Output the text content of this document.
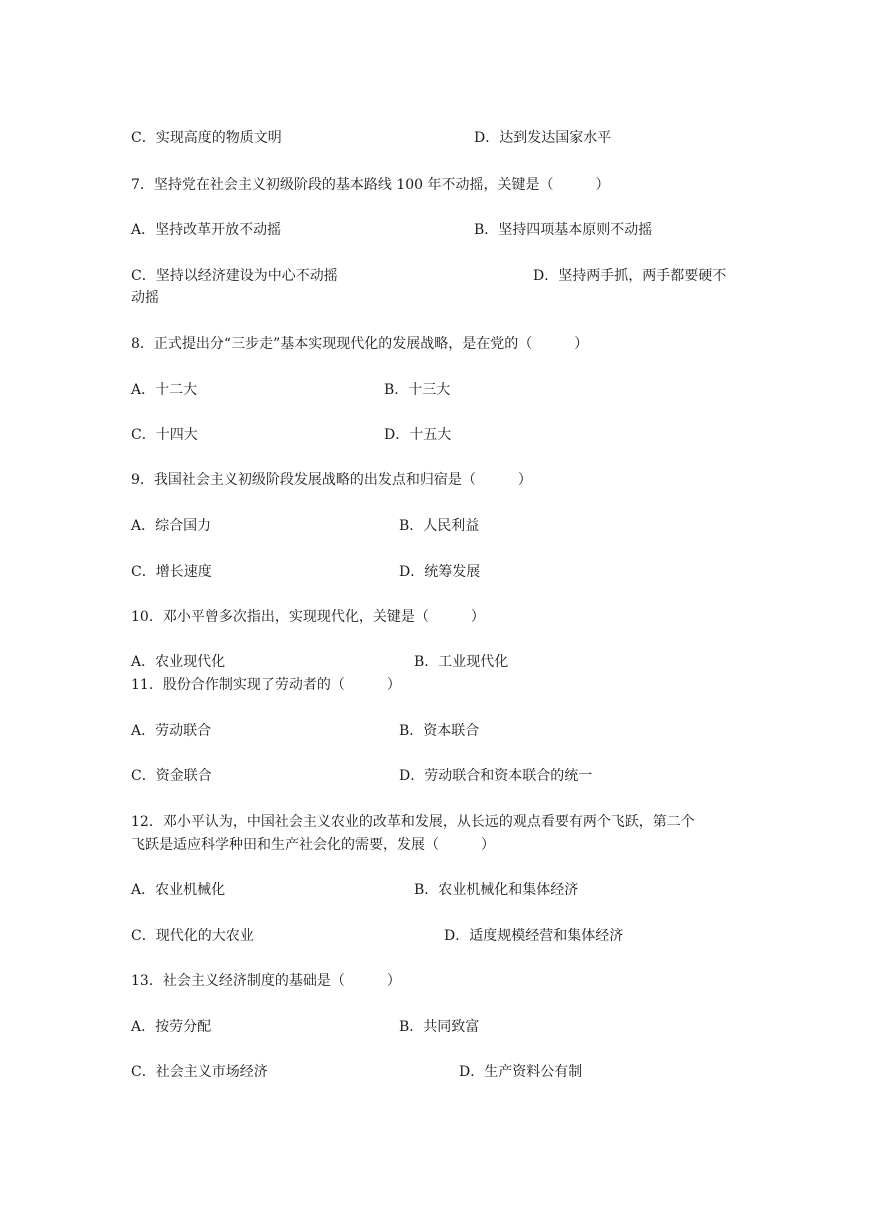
C．实现高度的物质文明	D．达到发达国家水平
7．坚持党在社会主义初级阶段的基本路线 100 年不动摇，关键是（　　　）
A．坚持改革开放不动摇	B．坚持四项基本原则不动摇
C．坚持以经济建设为中心不动摇	D．坚持两手抓，两手都要硬不
动摇
8．正式提出分“三步走”基本实现现代化的发展战略，是在党的（　　　）
A．十二大	B．十三大
C．十四大	D．十五大
9．我国社会主义初级阶段发展战略的出发点和归宿是（　　　）
A．综合国力	B．人民利益
C．增长速度	D．统筹发展
10．邓小平曾多次指出，实现现代化，关键是（　　　）
A．农业现代化	B．工业现代化
11．股份合作制实现了劳动者的（　　　）
A．劳动联合	B．资本联合
C．资金联合	D．劳动联合和资本联合的统一
12．邓小平认为，中国社会主义农业的改革和发展，从长远的观点看要有两个飞跃，第二个
飞跃是适应科学种田和生产社会化的需要，发展（　　　）
A．农业机械化	B．农业机械化和集体经济
C．现代化的大农业	D．适度规模经营和集体经济
13．社会主义经济制度的基础是（　　　）
A．按劳分配	B．共同致富
C．社会主义市场经济	D．生产资料公有制
